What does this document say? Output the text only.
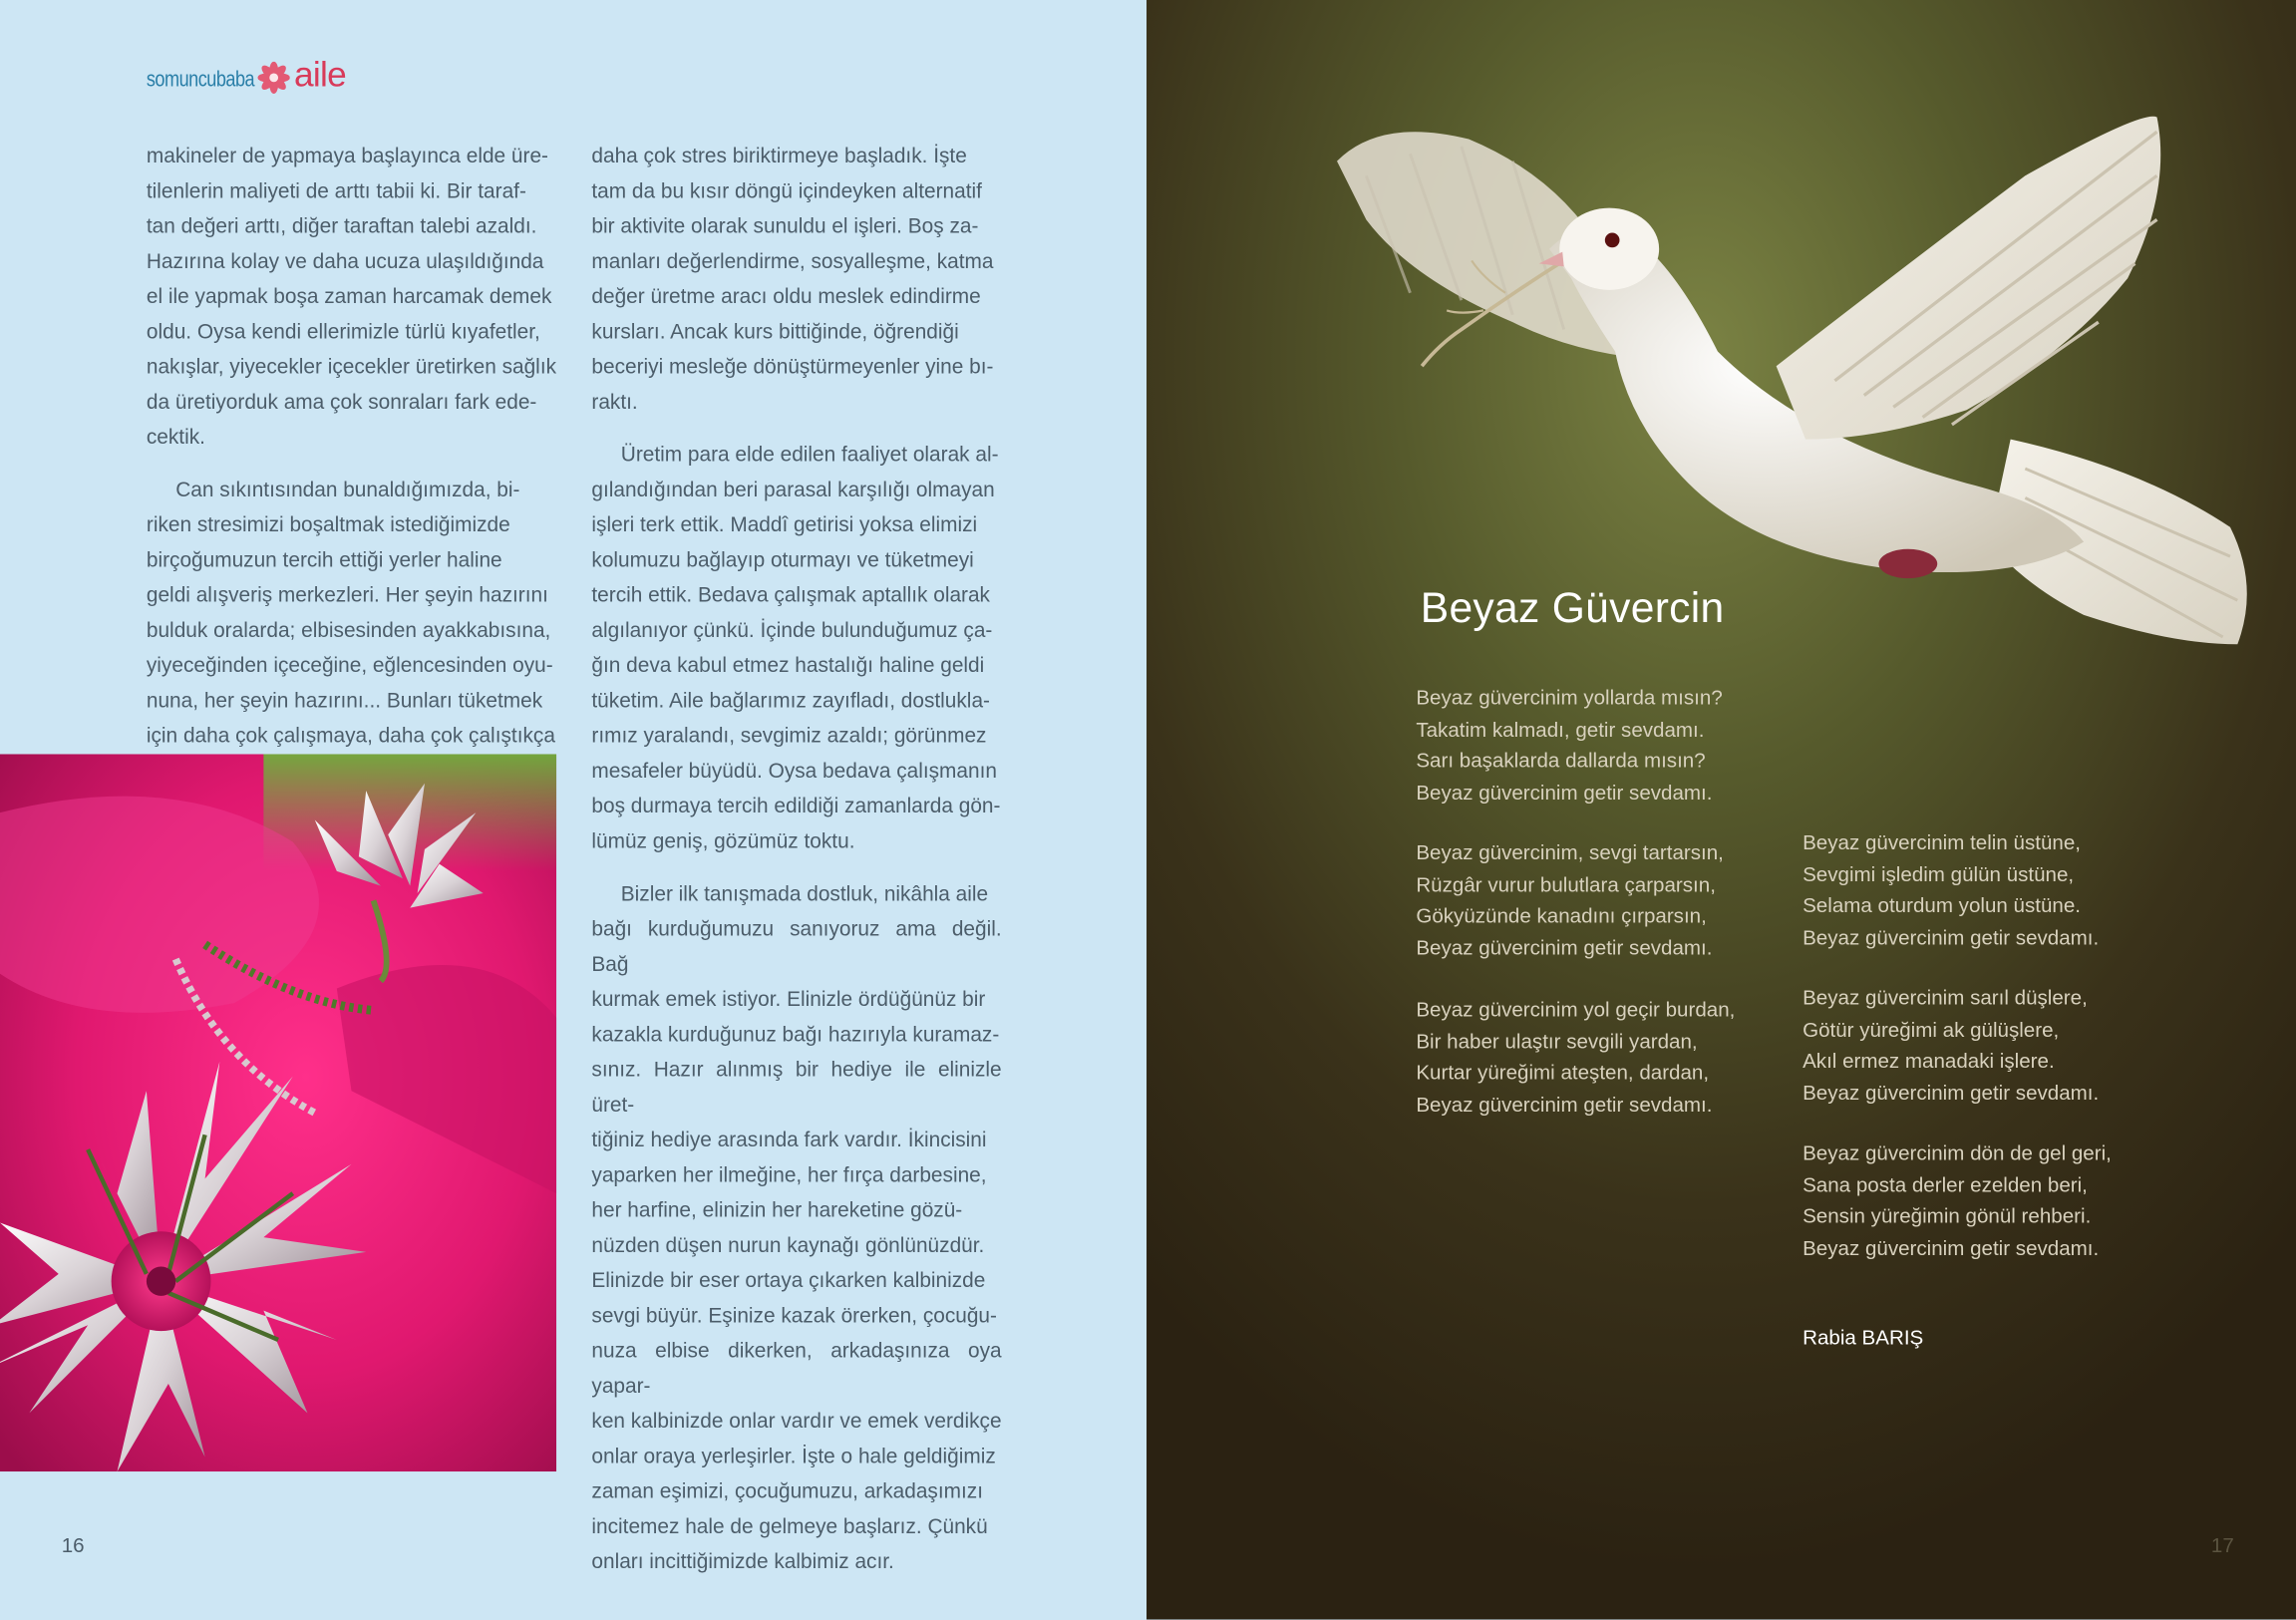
somuncubaba aile

makineler de yapmaya başlayınca elde üre-
tilenlerin maliyeti de arttı tabii ki. Bir taraf-
tan değeri arttı, diğer taraftan talebi azaldı.
Hazırına kolay ve daha ucuza ulaşıldığında
el ile yapmak boşa zaman harcamak demek
oldu. Oysa kendi ellerimizle türlü kıyafetler,
nakışlar, yiyecekler içecekler üretirken sağlık
da üretiyorduk ama çok sonraları fark ede-
cektik.

Can sıkıntısından bunaldığımızda, bi-
riken stresimizi boşaltmak istediğimizde
birçoğumuzun tercih ettiği yerler haline
geldi alışveriş merkezleri. Her şeyin hazırını
bulduk oralarda; elbisesinden ayakkabısına,
yiyeceğinden içeceğine, eğlencesinden oyu-
nuna, her şeyin hazırını... Bunları tüketmek
için daha çok çalışmaya, daha çok çalıştıkça

daha çok stres biriktirmeye başladık. İşte
tam da bu kısır döngü içindeyken alternatif
bir aktivite olarak sunuldu el işleri. Boş za-
manları değerlendirme, sosyalleşme, katma
değer üretme aracı oldu meslek edindirme
kursları. Ancak kurs bittiğinde, öğrendiği
beceriyi mesleğe dönüştürmeyenler yine bı-
raktı.

Üretim para elde edilen faaliyet olarak al-
gılandığından beri parasal karşılığı olmayan
işleri terk ettik. Maddî getirisi yoksa elimizi
kolumuzu bağlayıp oturmayı ve tüketmeyi
tercih ettik. Bedava çalışmak aptallık olarak
algılanıyor çünkü. İçinde bulunduğumuz ça-
ğın deva kabul etmez hastalığı haline geldi
tüketim. Aile bağlarımız zayıfladı, dostlukla-
rımız yaralandı, sevgimiz azaldı; görünmez
mesafeler büyüdü. Oysa bedava çalışmanın
boş durmaya tercih edildiği zamanlarda gön-
lümüz geniş, gözümüz toktu.

Bizler ilk tanışmada dostluk, nikâhla aile
bağı kurduğumuzu sanıyoruz ama değil. Bağ
kurmak emek istiyor. Elinizle ördüğünüz bir
kazakla kurduğunuz bağı hazırıyla kuramaz-
sınız. Hazır alınmış bir hediye ile elinizle üret-
tiğiniz hediye arasında fark vardır. İkincisini
yaparken her ilmeğine, her fırça darbesine,
her harfine, elinizin her hareketine gözü-
nüzden düşen nurun kaynağı gönlünüzdür.
Elinizde bir eser ortaya çıkarken kalbinizde
sevgi büyür. Eşinize kazak örerken, çocuğu-
nuza elbise dikerken, arkadaşınıza oya yapar-
ken kalbinizde onlar vardır ve emek verdikçe
onlar oraya yerleşirler. İşte o hale geldiğimiz
zaman eşimizi, çocuğumuzu, arkadaşımızı
incitemez hale de gelmeye başlarız. Çünkü
onları incittiğimizde kalbimiz acır.

16
Beyaz Güvercin
Beyaz güvercinim yollarda mısın?
Takatim kalmadı, getir sevdamı.
Sarı başaklarda dallarda mısın?
Beyaz güvercinim getir sevdamı.
Beyaz güvercinim, sevgi tartarsın,
Rüzgâr vurur bulutlara çarparsın,
Gökyüzünde kanadını çırparsın,
Beyaz güvercinim getir sevdamı.
Beyaz güvercinim yol geçir burdan,
Bir haber ulaştır sevgili yardan,
Kurtar yüreğimi ateşten, dardan,
Beyaz güvercinim getir sevdamı.
Beyaz güvercinim telin üstüne,
Sevgimi işledim gülün üstüne,
Selama oturdum yolun üstüne.
Beyaz güvercinim getir sevdamı.
Beyaz güvercinim sarıl düşlere,
Götür yüreğimi ak gülüşlere,
Akıl ermez manadaki işlere.
Beyaz güvercinim getir sevdamı.
Beyaz güvercinim dön de gel geri,
Sana posta derler ezelden beri,
Sensin yüreğimin gönül rehberi.
Beyaz güvercinim getir sevdamı.
Rabia BARIŞ
17
